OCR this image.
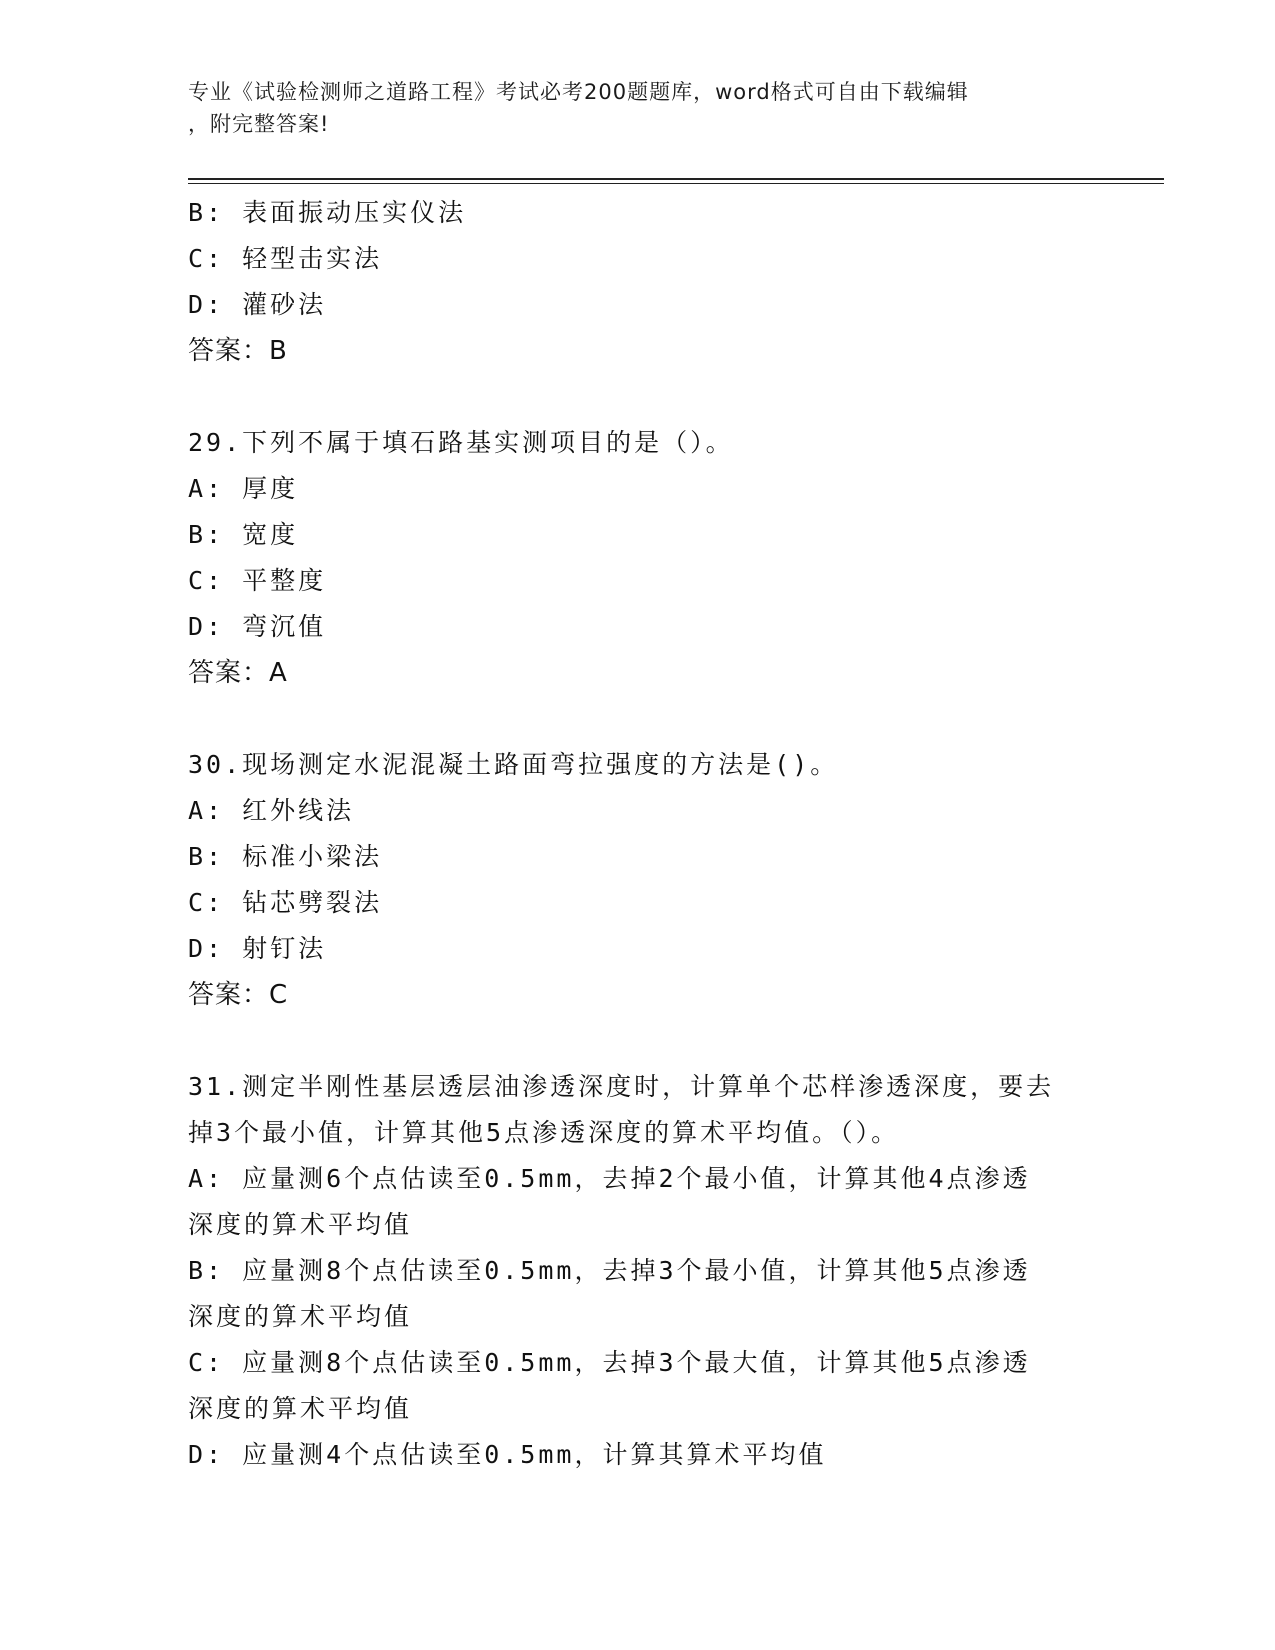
专业《试验检测师之道路工程》考试必考200题题库，word格式可自由下载编辑
，附完整答案!
B: 表面振动压实仪法
C: 轻型击实法
D: 灌砂法
答案：B
29.下列不属于填石路基实测项目的是（）。
A: 厚度
B: 宽度
C: 平整度
D: 弯沉值
答案：A
30.现场测定水泥混凝土路面弯拉强度的方法是()。
A: 红外线法
B: 标准小梁法
C: 钻芯劈裂法
D: 射钉法
答案：C
31.测定半刚性基层透层油渗透深度时，计算单个芯样渗透深度，要去
掉3个最小值，计算其他5点渗透深度的算术平均值。（）。
A: 应量测6个点估读至0.5mm，去掉2个最小值，计算其他4点渗透
深度的算术平均值
B: 应量测8个点估读至0.5mm，去掉3个最小值，计算其他5点渗透
深度的算术平均值
C: 应量测8个点估读至0.5mm，去掉3个最大值，计算其他5点渗透
深度的算术平均值
D: 应量测4个点估读至0.5mm，计算其算术平均值
